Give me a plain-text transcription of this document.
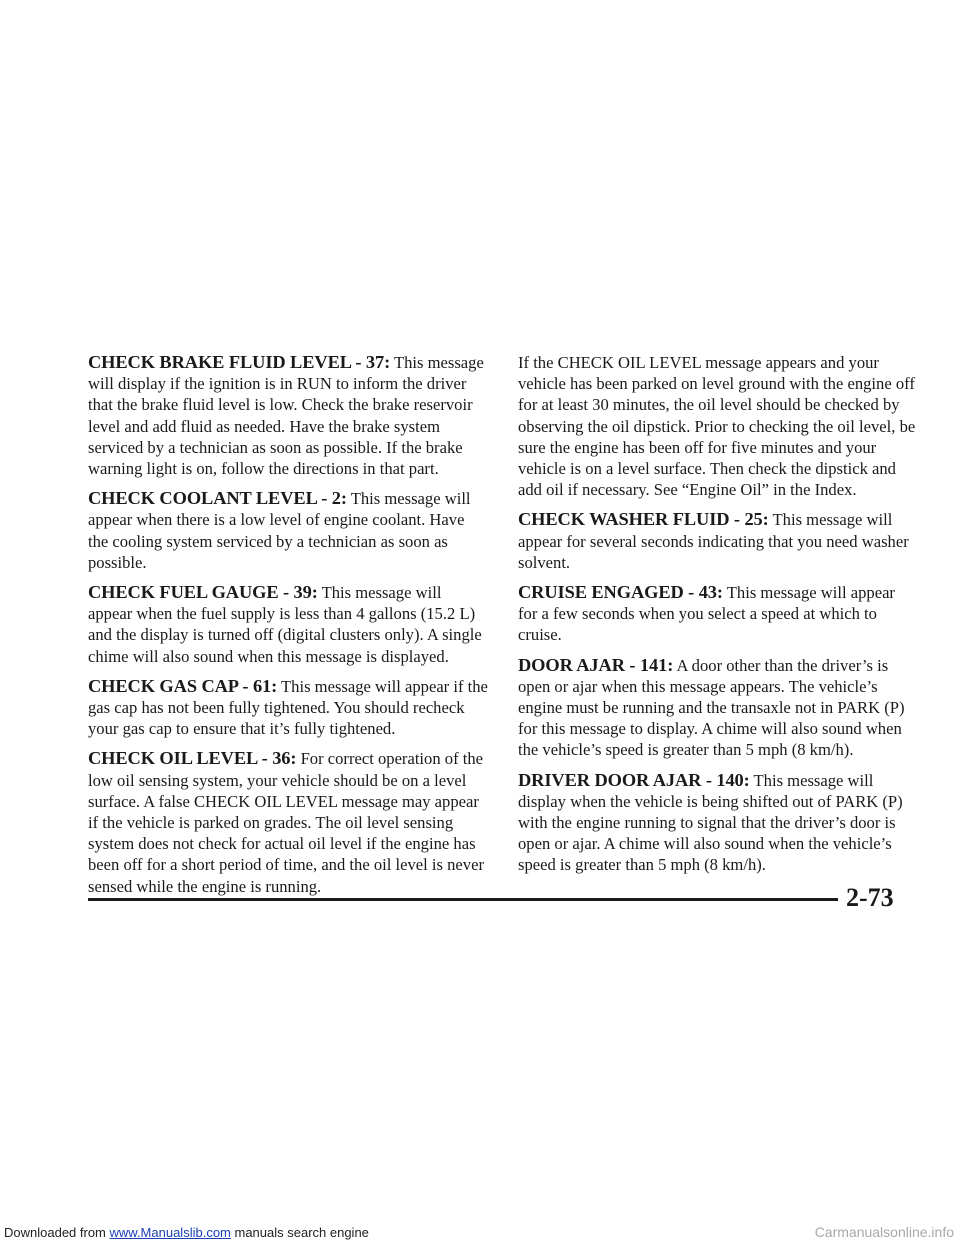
CHECK BRAKE FLUID LEVEL - 37: This message will display if the ignition is in RUN to inform the driver that the brake fluid level is low. Check the brake reservoir level and add fluid as needed. Have the brake system serviced by a technician as soon as possible. If the brake warning light is on, follow the directions in that part.

CHECK COOLANT LEVEL - 2: This message will appear when there is a low level of engine coolant. Have the cooling system serviced by a technician as soon as possible.

CHECK FUEL GAUGE - 39: This message will appear when the fuel supply is less than 4 gallons (15.2 L) and the display is turned off (digital clusters only). A single chime will also sound when this message is displayed.

CHECK GAS CAP - 61: This message will appear if the gas cap has not been fully tightened. You should recheck your gas cap to ensure that it’s fully tightened.

CHECK OIL LEVEL - 36: For correct operation of the low oil sensing system, your vehicle should be on a level surface. A false CHECK OIL LEVEL message may appear if the vehicle is parked on grades. The oil level sensing system does not check for actual oil level if the engine has been off for a short period of time, and the oil level is never sensed while the engine is running.

If the CHECK OIL LEVEL message appears and your vehicle has been parked on level ground with the engine off for at least 30 minutes, the oil level should be checked by observing the oil dipstick. Prior to checking the oil level, be sure the engine has been off for five minutes and your vehicle is on a level surface. Then check the dipstick and add oil if necessary. See “Engine Oil” in the Index.

CHECK WASHER FLUID - 25: This message will appear for several seconds indicating that you need washer solvent.

CRUISE ENGAGED - 43: This message will appear for a few seconds when you select a speed at which to cruise.

DOOR AJAR - 141: A door other than the driver’s is open or ajar when this message appears. The vehicle’s engine must be running and the transaxle not in PARK (P) for this message to display. A chime will also sound when the vehicle’s speed is greater than 5 mph (8 km/h).

DRIVER DOOR AJAR - 140: This message will display when the vehicle is being shifted out of PARK (P) with the engine running to signal that the driver’s door is open or ajar. A chime will also sound when the vehicle’s speed is greater than 5 mph (8 km/h).

2-73
Downloaded from www.Manualslib.com manuals search engine	Carmanualsonline.info
